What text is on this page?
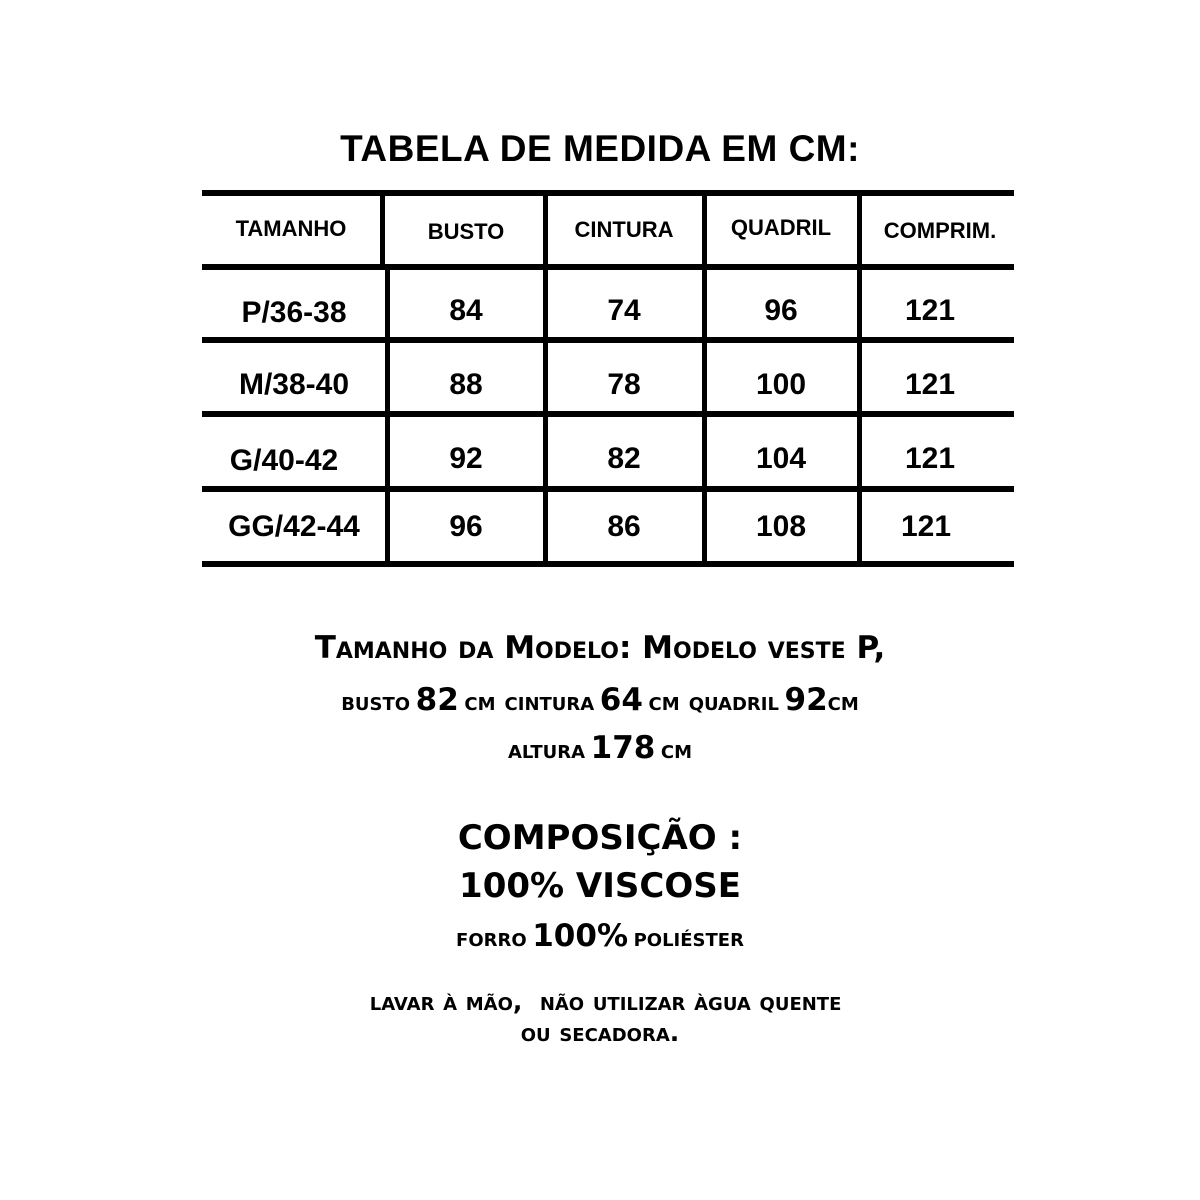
TABELA DE MEDIDA EM CM:
TAMANHO	BUSTO	CINTURA	QUADRIL	COMPRIM.
P/36-38	84	74	96	121
M/38-40	88	78	100	121
G/40-42	92	82	104	121
GG/42-44	96	86	108	121
Tamanho da Modelo: Modelo veste P,
busto 82 cm cintura 64 cm quadril 92cm
altura 178 cm
COMPOSIÇÃO :
100% VISCOSE
forro 100% poliéster

lavar à mão,  não utilizar àgua quente

ou secadora.
